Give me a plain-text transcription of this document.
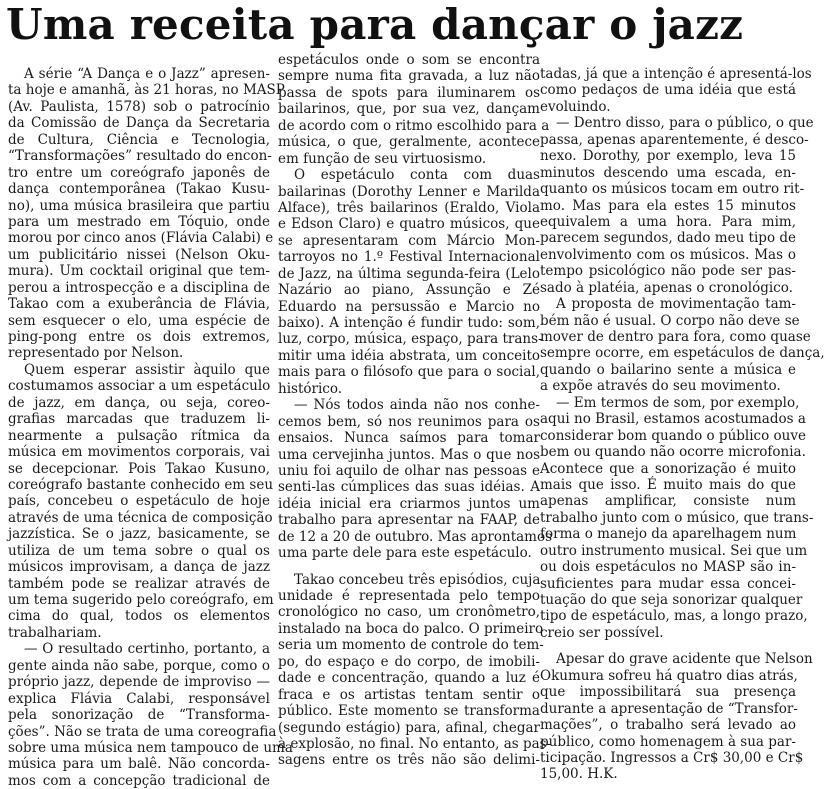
Uma receita para dançar o jazz
A série “A Dança e o Jazz” apresen-
ta hoje e amanhã, às 21 horas, no MASP
(Av. Paulista, 1578) sob o patrocínio
da Comissão de Dança da Secretaria
de Cultura, Ciência e Tecnologia,
“Transformações” resultado do encon-
tro entre um coreógrafo japonês de
dança contemporânea (Takao Kusu-
no), uma música brasileira que partiu
para um mestrado em Tóquio, onde
morou por cinco anos (Flávia Calabi) e
um publicitário nissei (Nelson Oku-
mura). Um cocktail original que tem-
perou a introspecção e a disciplina de
Takao com a exuberância de Flávia,
sem esquecer o elo, uma espécie de
ping-pong entre os dois extremos,
representado por Nelson.
Quem esperar assistir àquilo que
costumamos associar a um espetáculo
de jazz, em dança, ou seja, coreo-
grafias marcadas que traduzem li-
nearmente a pulsação rítmica da
música em movimentos corporais, vai
se decepcionar. Pois Takao Kusuno,
coreógrafo bastante conhecido em seu
país, concebeu o espetáculo de hoje
através de uma técnica de composição
jazzística. Se o jazz, basicamente, se
utiliza de um tema sobre o qual os
músicos improvisam, a dança de jazz
também pode se realizar através de
um tema sugerido pelo coreógrafo, em
cima do qual, todos os elementos
trabalhariam.
— O resultado certinho, portanto, a
gente ainda não sabe, porque, como o
próprio jazz, depende de improviso —
explica Flávia Calabi, responsável
pela sonorização de “Transforma-
ções”. Não se trata de uma coreografia
sobre uma música nem tampouco de uma
música para um balê. Não concorda-
mos com a concepção tradicional de
espetáculos onde o som se encontra
sempre numa fita gravada, a luz não
passa de spots para iluminarem os
bailarinos, que, por sua vez, dançam
de acordo com o ritmo escolhido para a
música, o que, geralmente, acontece
em função de seu virtuosismo.
O espetáculo conta com duas
bailarinas (Dorothy Lenner e Marilda
Alface), três bailarinos (Eraldo, Viola
e Edson Claro) e quatro músicos, que
se apresentaram com Márcio Mon-
tarroyos no 1.º Festival Internacional
de Jazz, na última segunda-feira (Lelo
Nazário ao piano, Assunção e Zé
Eduardo na persussão e Marcio no
baixo). A intenção é fundir tudo: som,
luz, corpo, música, espaço, para trans-
mitir uma idéia abstrata, um conceito
mais para o filósofo que para o social,
histórico.
— Nós todos ainda não nos conhe-
cemos bem, só nos reunimos para os
ensaios. Nunca saímos para tomar
uma cervejinha juntos. Mas o que nos
uniu foi aquilo de olhar nas pessoas e
senti-las cúmplices das suas idéias. A
idéia inicial era criarmos juntos um
trabalho para apresentar na FAAP, de
de 12 a 20 de outubro. Mas aprontamos
uma parte dele para este espetáculo.
Takao concebeu três episódios, cuja
unidade é representada pelo tempo
cronológico no caso, um cronômetro,
instalado na boca do palco. O primeiro
seria um momento de controle do tem-
po, do espaço e do corpo, de imobili-
dade e concentração, quando a luz é
fraca e os artistas tentam sentir o
público. Este momento se transforma
(segundo estágio) para, afinal, chegar
à explosão, no final. No entanto, as pas-
sagens entre os três não são delimi-
tadas, já que a intenção é apresentá-los
como pedaços de uma idéia que está
evoluindo.
— Dentro disso, para o público, o que
passa, apenas aparentemente, é desco-
nexo. Dorothy, por exemplo, leva 15
minutos descendo uma escada, en-
quanto os músicos tocam em outro rit-
mo. Mas para ela estes 15 minutos
equivalem a uma hora. Para mim,
parecem segundos, dado meu tipo de
envolvimento com os músicos. Mas o
tempo psicológico não pode ser pas-
sado à platéia, apenas o cronológico.
A proposta de movimentação tam-
bém não é usual. O corpo não deve se
mover de dentro para fora, como quase
sempre ocorre, em espetáculos de dança,
quando o bailarino sente a música e
a expõe através do seu movimento.
— Em termos de som, por exemplo,
aqui no Brasil, estamos acostumados a
considerar bom quando o público ouve
bem ou quando não ocorre microfonia.
Acontece que a sonorização é muito
mais que isso. É muito mais do que
apenas amplificar, consiste num
trabalho junto com o músico, que trans-
forma o manejo da aparelhagem num
outro instrumento musical. Sei que um
ou dois espetáculos no MASP são in-
suficientes para mudar essa concei-
tuação do que seja sonorizar qualquer
tipo de espetáculo, mas, a longo prazo,
creio ser possível.
Apesar do grave acidente que Nelson
Okumura sofreu há quatro dias atrás,
que impossibilitará sua presença
durante a apresentação de “Transfor-
mações”, o trabalho será levado ao
público, como homenagem à sua par-
ticipação. Ingressos a Cr$ 30,00 e Cr$
15,00. H.K.
